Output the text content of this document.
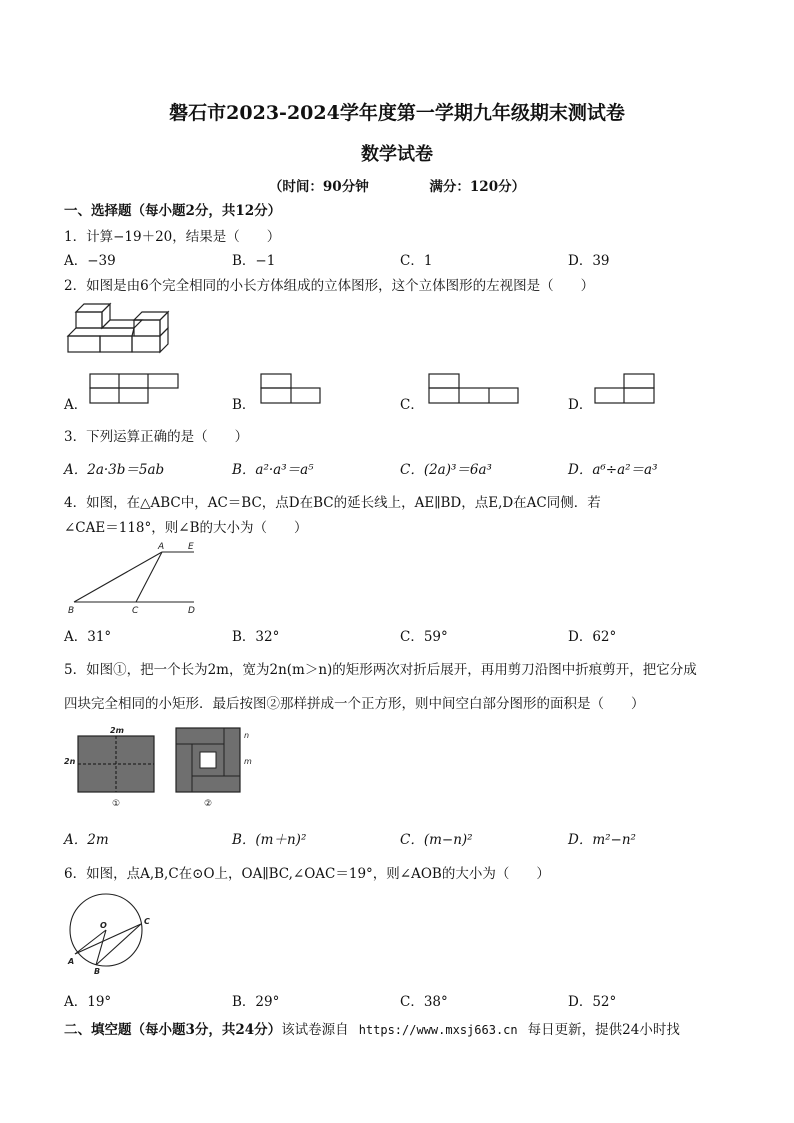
磐石市2023-2024学年度第一学期九年级期末测试卷
数学试卷
（时间：90分钟	满分：120分）
一、选择题（每小题2分，共12分）
1．计算−19＋20，结果是（　　）
A．−39	B．−1	C．1	D．39
2．如图是由6个完全相同的小长方体组成的立体图形，这个立体图形的左视图是（　　）
A．	B．	C．	D．
3．下列运算正确的是（　　）
A．2a·3b＝5ab	B．a²·a³＝a⁵	C．(2a)³＝6a³	D．a⁶÷a²＝a³
4．如图，在△ABC中，AC＝BC，点D在BC的延长线上，AE∥BD，点E,D在AC同侧．若
∠CAE＝118°，则∠B的大小为（　　）
A	E
B	C	D
A．31°	B．32°	C．59°	D．62°
5．如图①，把一个长为2m，宽为2n(m＞n)的矩形两次对折后展开，再用剪刀沿图中折痕剪开，把它分成
四块完全相同的小矩形．最后按图②那样拼成一个正方形，则中间空白部分图形的面积是（　　）
2m
2n
n
m
①	②
A．2m	B．(m＋n)²	C．(m−n)²	D．m²−n²
6．如图，点A,B,C在⊙O上，OA∥BC,∠OAC＝19°，则∠AOB的大小为（　　）
O	C
A
B
A．19°	B．29°	C．38°	D．52°
二、填空题（每小题3分，共24分）该试卷源自 https://www.mxsj663.cn 每日更新，提供24小时找
